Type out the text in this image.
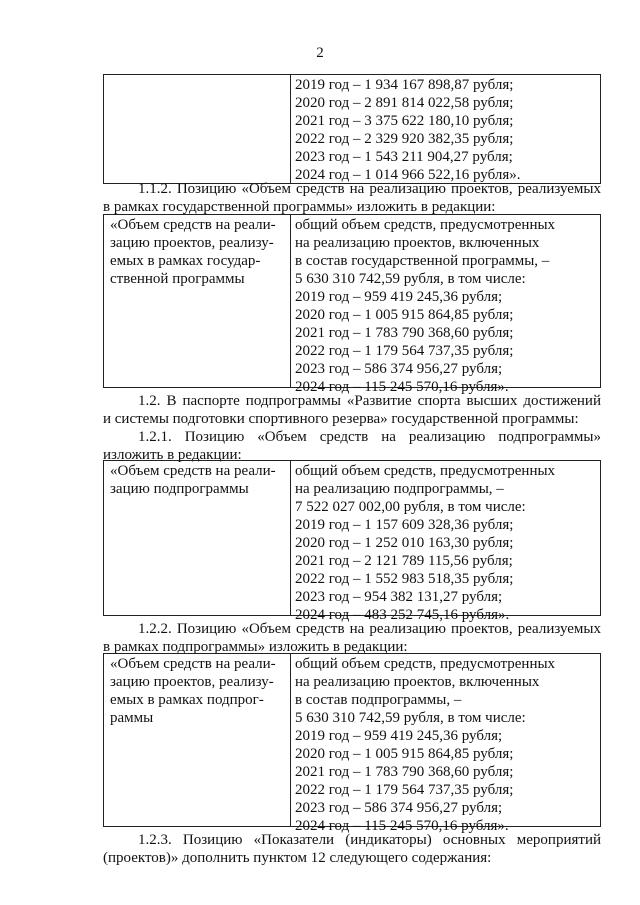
2
2019 год – 1 934 167 898,87 рубля;
2020 год – 2 891 814 022,58 рубля;
2021 год – 3 375 622 180,10 рубля;
2022 год – 2 329 920 382,35 рубля;
2023 год – 1 543 211 904,27 рубля;
2024 год – 1 014 966 522,16 рубля».
1.1.2. Позицию «Объем средств на реализацию проектов, реализуемых
в рамках государственной программы» изложить в редакции:
«Объем средств на реали-
зацию проектов, реализу-
емых в рамках государ-
ственной программы
общий объем средств, предусмотренных
на реализацию проектов, включенных
в состав государственной программы, –
5 630 310 742,59 рубля, в том числе:
2019 год – 959 419 245,36 рубля;
2020 год – 1 005 915 864,85 рубля;
2021 год – 1 783 790 368,60 рубля;
2022 год – 1 179 564 737,35 рубля;
2023 год – 586 374 956,27 рубля;
2024 год – 115 245 570,16 рубля».
1.2. В паспорте подпрограммы «Развитие спорта высших достижений
и системы подготовки спортивного резерва» государственной программы:
1.2.1. Позицию «Объем средств на реализацию подпрограммы»
изложить в редакции:
«Объем средств на реали-
зацию подпрограммы
общий объем средств, предусмотренных
на реализацию подпрограммы, –
7 522 027 002,00 рубля, в том числе:
2019 год – 1 157 609 328,36 рубля;
2020 год – 1 252 010 163,30 рубля;
2021 год – 2 121 789 115,56 рубля;
2022 год – 1 552 983 518,35 рубля;
2023 год – 954 382 131,27 рубля;
2024 год – 483 252 745,16 рубля».
1.2.2. Позицию «Объем средств на реализацию проектов, реализуемых
в рамках подпрограммы» изложить в редакции:
«Объем средств на реали-
зацию проектов, реализу-
емых в рамках подпрог-
раммы
общий объем средств, предусмотренных
на реализацию проектов, включенных
в состав подпрограммы, –
5 630 310 742,59 рубля, в том числе:
2019 год – 959 419 245,36 рубля;
2020 год – 1 005 915 864,85 рубля;
2021 год – 1 783 790 368,60 рубля;
2022 год – 1 179 564 737,35 рубля;
2023 год – 586 374 956,27 рубля;
2024 год – 115 245 570,16 рубля».
1.2.3. Позицию «Показатели (индикаторы) основных мероприятий
(проектов)» дополнить пунктом 12 следующего содержания:
